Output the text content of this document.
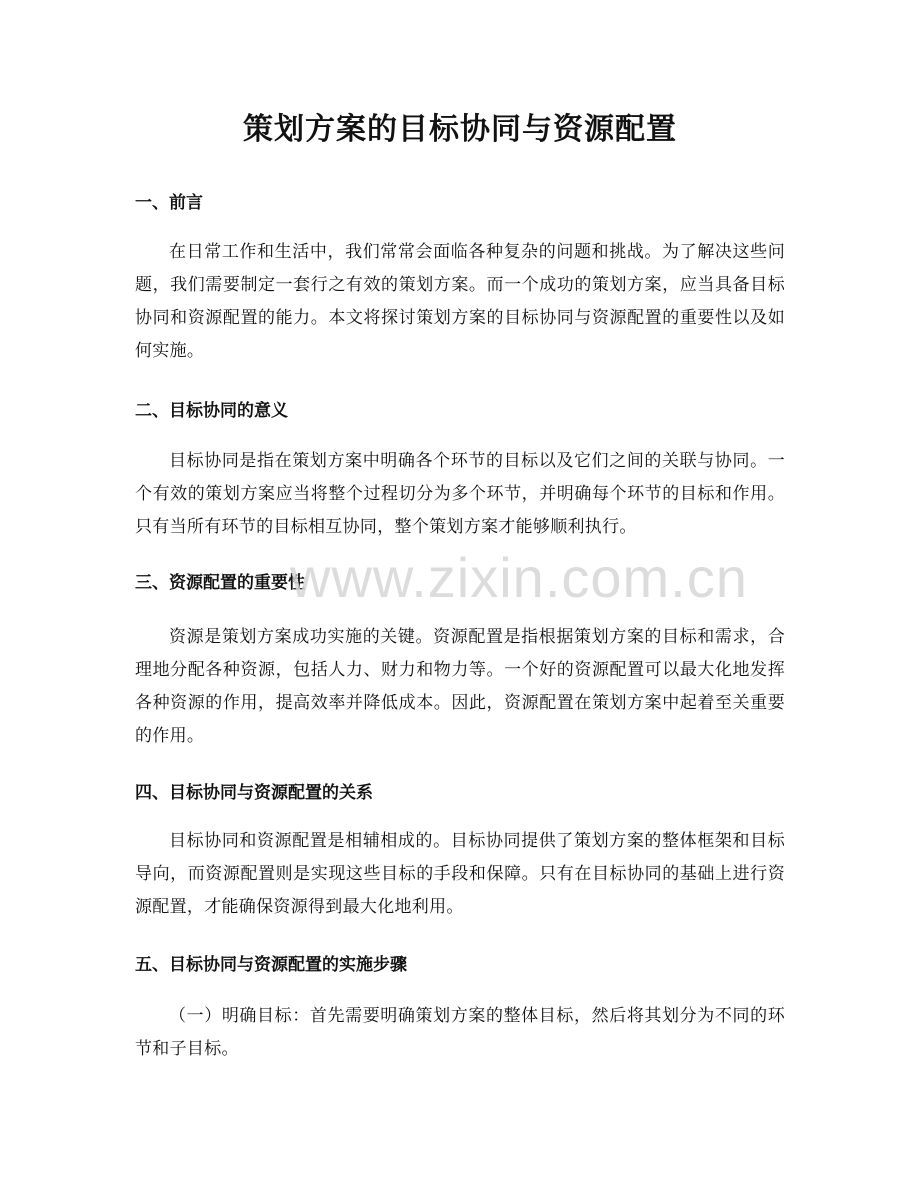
策划方案的目标协同与资源配置
一、前言

在日常工作和生活中，我们常常会面临各种复杂的问题和挑战。为了解决这些问题，我们需要制定一套行之有效的策划方案。而一个成功的策划方案，应当具备目标协同和资源配置的能力。本文将探讨策划方案的目标协同与资源配置的重要性以及如何实施。

二、目标协同的意义

目标协同是指在策划方案中明确各个环节的目标以及它们之间的关联与协同。一个有效的策划方案应当将整个过程切分为多个环节，并明确每个环节的目标和作用。只有当所有环节的目标相互协同，整个策划方案才能够顺利执行。

三、资源配置的重要性

资源是策划方案成功实施的关键。资源配置是指根据策划方案的目标和需求，合理地分配各种资源，包括人力、财力和物力等。一个好的资源配置可以最大化地发挥各种资源的作用，提高效率并降低成本。因此，资源配置在策划方案中起着至关重要的作用。

四、目标协同与资源配置的关系

目标协同和资源配置是相辅相成的。目标协同提供了策划方案的整体框架和目标导向，而资源配置则是实现这些目标的手段和保障。只有在目标协同的基础上进行资源配置，才能确保资源得到最大化地利用。

五、目标协同与资源配置的实施步骤

（一）明确目标：首先需要明确策划方案的整体目标，然后将其划分为不同的环节和子目标。

www.zixin.com.cn
